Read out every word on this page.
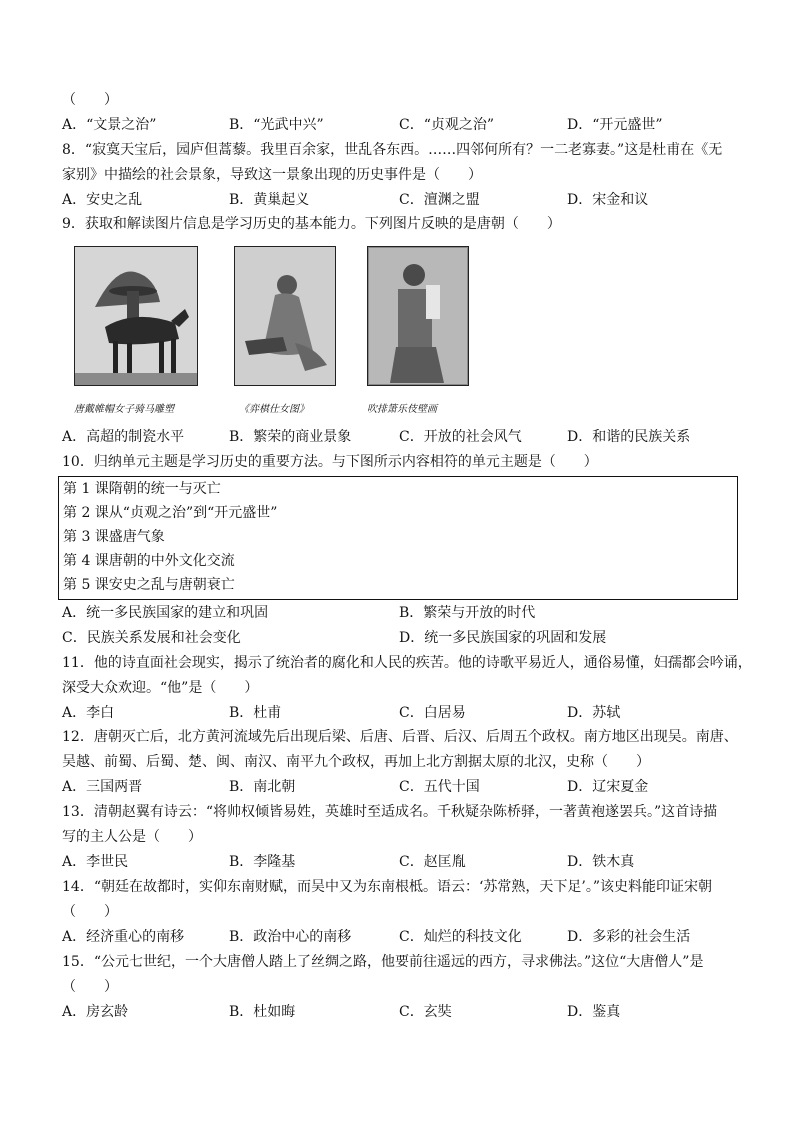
（　　）
A．“文景之治”	B．“光武中兴”	C．“贞观之治”	D．“开元盛世”
8．“寂寞天宝后，园庐但蒿藜。我里百余家，世乱各东西。……四邻何所有？一二老寡妻。”这是杜甫在《无
家别》中描绘的社会景象，导致这一景象出现的历史事件是（　　）
A．安史之乱	B．黄巢起义	C．澶渊之盟	D．宋金和议
9．获取和解读图片信息是学习历史的基本能力。下列图片反映的是唐朝（　　）
唐戴帷帽女子骑马雕塑	《弈棋仕女图》	吹排箫乐伎壁画
A．高超的制瓷水平	B．繁荣的商业景象	C．开放的社会风气	D．和谐的民族关系
10．归纳单元主题是学习历史的重要方法。与下图所示内容相符的单元主题是（　　）
第 1 课隋朝的统一与灭亡
第 2 课从“贞观之治”到“开元盛世”
第 3 课盛唐气象
第 4 课唐朝的中外文化交流
第 5 课安史之乱与唐朝衰亡
A．统一多民族国家的建立和巩固	B．繁荣与开放的时代
C．民族关系发展和社会变化	D．统一多民族国家的巩固和发展
11．他的诗直面社会现实，揭示了统治者的腐化和人民的疾苦。他的诗歌平易近人，通俗易懂，妇孺都会吟诵，
深受大众欢迎。“他”是（　　）
A．李白	B．杜甫	C．白居易	D．苏轼
12．唐朝灭亡后，北方黄河流域先后出现后梁、后唐、后晋、后汉、后周五个政权。南方地区出现吴。南唐、
吴越、前蜀、后蜀、楚、闽、南汉、南平九个政权，再加上北方割据太原的北汉，史称（　　）
A．三国两晋	B．南北朝	C．五代十国	D．辽宋夏金
13．清朝赵翼有诗云：“将帅权倾皆易姓，英雄时至适成名。千秋疑杂陈桥驿，一著黄袍遂罢兵。”这首诗描
写的主人公是（　　）
A．李世民	B．李隆基	C．赵匡胤	D．铁木真
14．“朝廷在故都时，实仰东南财赋，而吴中又为东南根柢。语云：‘苏常熟，天下足’。”该史料能印证宋朝
（　　）
A．经济重心的南移	B．政治中心的南移	C．灿烂的科技文化	D．多彩的社会生活
15．“公元七世纪，一个大唐僧人踏上了丝绸之路，他要前往遥远的西方，寻求佛法。”这位“大唐僧人”是
（　　）
A．房玄龄	B．杜如晦	C．玄奘	D．鉴真
